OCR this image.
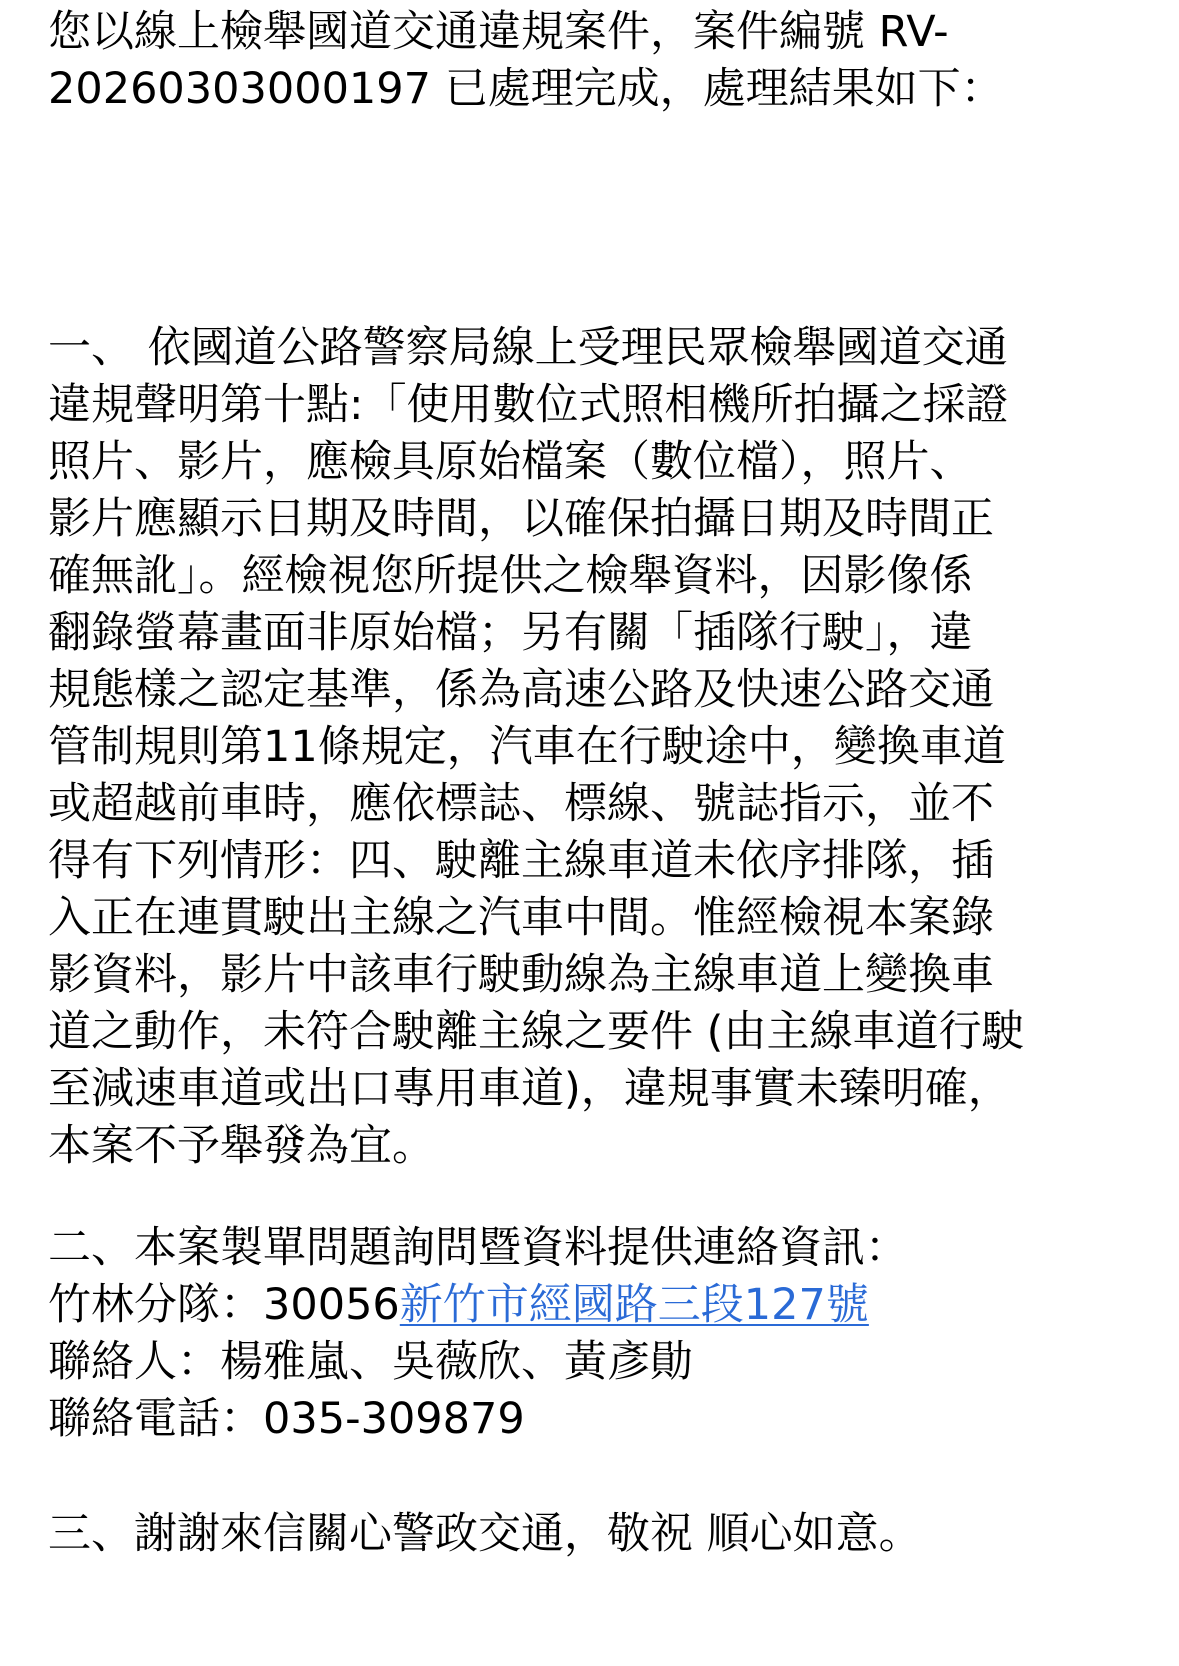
您以線上檢舉國道交通違規案件，案件編號 RV-
20260303000197 已處理完成，處理結果如下：
一、 依國道公路警察局線上受理民眾檢舉國道交通
違規聲明第十點:「使用數位式照相機所拍攝之採證
照片、影片，應檢具原始檔案（數位檔），照片、
影片應顯示日期及時間，以確保拍攝日期及時間正
確無訛」。經檢視您所提供之檢舉資料，因影像係
翻錄螢幕畫面非原始檔；另有關「插隊行駛」，違
規態樣之認定基準，係為高速公路及快速公路交通
管制規則第11條規定，汽車在行駛途中，變換車道
或超越前車時，應依標誌、標線、號誌指示，並不
得有下列情形：四、駛離主線車道未依序排隊，插
入正在連貫駛出主線之汽車中間。惟經檢視本案錄
影資料，影片中該車行駛動線為主線車道上變換車
道之動作，未符合駛離主線之要件 (由主線車道行駛
至減速車道或出口專用車道)，違規事實未臻明確，
本案不予舉發為宜。
二、本案製單問題詢問暨資料提供連絡資訊：
竹林分隊：30056新竹市經國路三段127號
聯絡人：楊雅嵐、吳薇欣、黃彥勛
聯絡電話：035-309879
三、謝謝來信關心警政交通，敬祝 順心如意。
